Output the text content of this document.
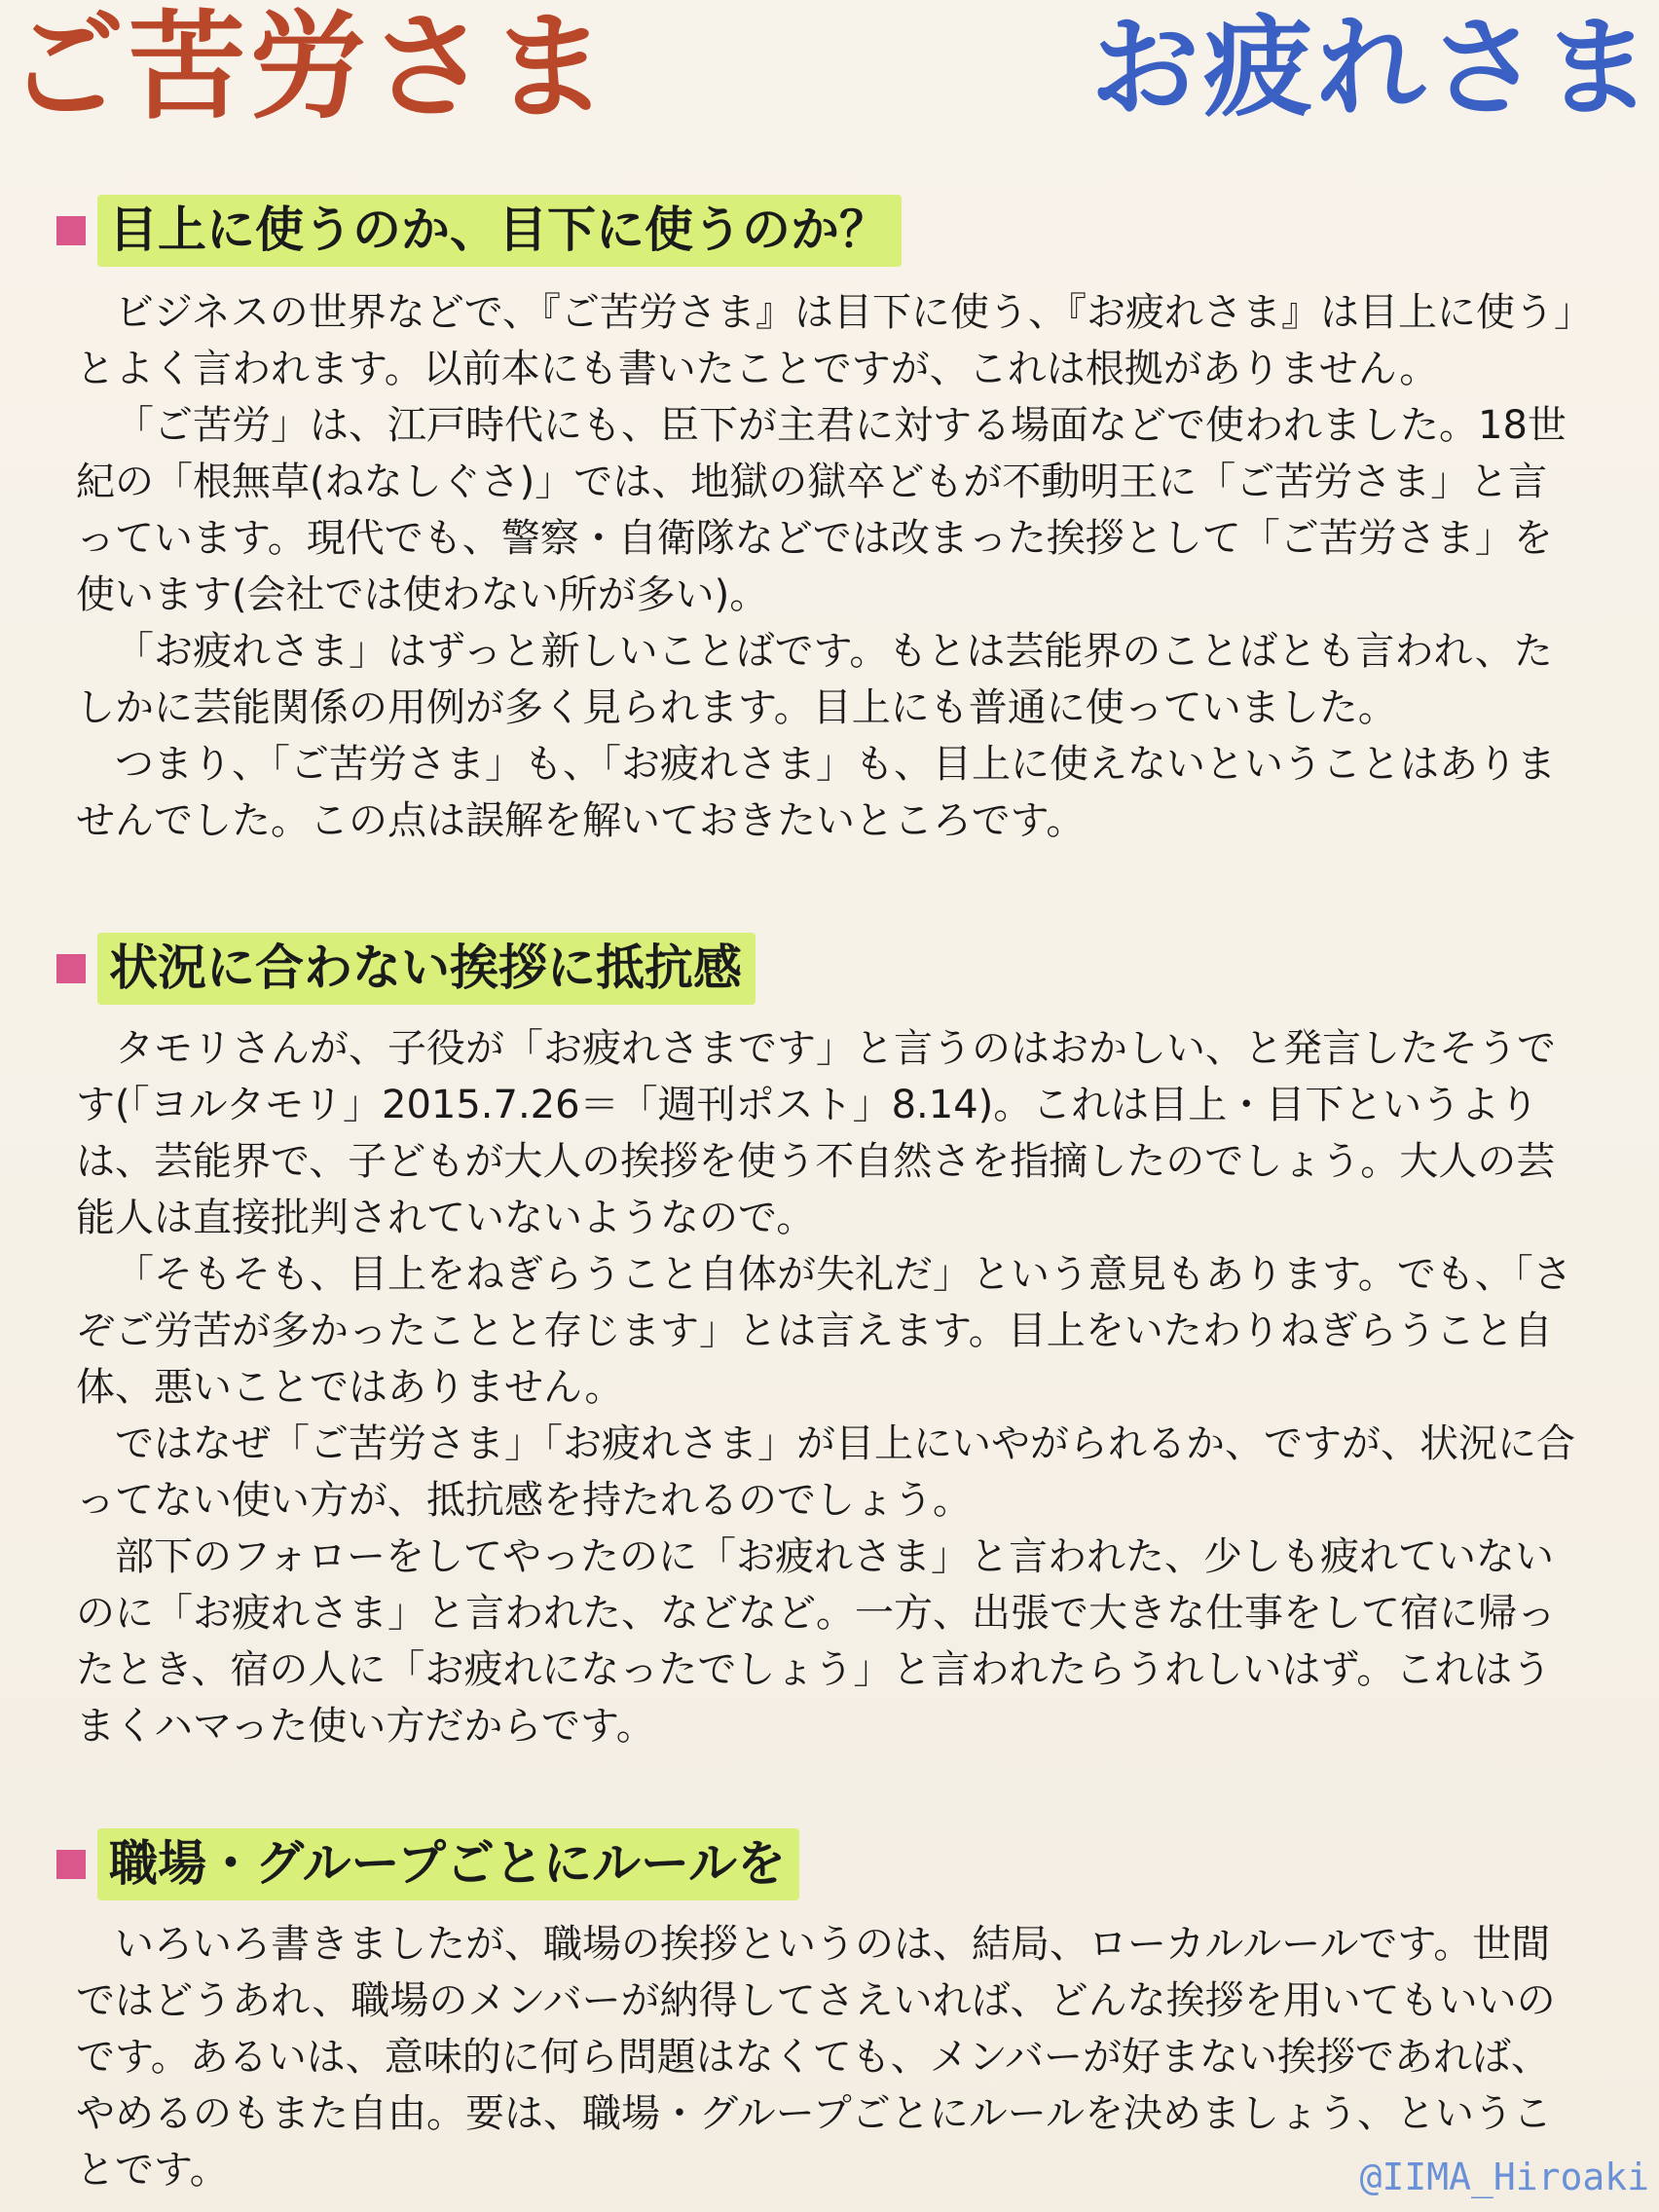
ご苦労さま	お疲れさま
目上に使うのか、目下に使うのか？

ビジネスの世界などで、『ご苦労さま』は目下に使う、『お疲れさま』は目上に使う」とよく言われます。以前本にも書いたことですが、これは根拠がありません。

「ご苦労」は、江戸時代にも、臣下が主君に対する場面などで使われました。18世紀の「根無草(ねなしぐさ)」では、地獄の獄卒どもが不動明王に「ご苦労さま」と言っています。現代でも、警察・自衛隊などでは改まった挨拶として「ご苦労さま」を使います(会社では使わない所が多い)。

「お疲れさま」はずっと新しいことばです。もとは芸能界のことばとも言われ、たしかに芸能関係の用例が多く見られます。目上にも普通に使っていました。

つまり、「ご苦労さま」も、「お疲れさま」も、目上に使えないということはありませんでした。この点は誤解を解いておきたいところです。

状況に合わない挨拶に抵抗感

タモリさんが、子役が「お疲れさまです」と言うのはおかしい、と発言したそうです(「ヨルタモリ」2015.7.26＝「週刊ポスト」8.14)。これは目上・目下というよりは、芸能界で、子どもが大人の挨拶を使う不自然さを指摘したのでしょう。大人の芸能人は直接批判されていないようなので。

「そもそも、目上をねぎらうこと自体が失礼だ」という意見もあります。でも、「さぞご労苦が多かったことと存じます」とは言えます。目上をいたわりねぎらうこと自体、悪いことではありません。

ではなぜ「ご苦労さま」「お疲れさま」が目上にいやがられるか、ですが、状況に合ってない使い方が、抵抗感を持たれるのでしょう。

部下のフォローをしてやったのに「お疲れさま」と言われた、少しも疲れていないのに「お疲れさま」と言われた、などなど。一方、出張で大きな仕事をして宿に帰ったとき、宿の人に「お疲れになったでしょう」と言われたらうれしいはず。これはうまくハマった使い方だからです。

職場・グループごとにルールを

いろいろ書きましたが、職場の挨拶というのは、結局、ローカルルールです。世間ではどうあれ、職場のメンバーが納得してさえいれば、どんな挨拶を用いてもいいのです。あるいは、意味的に何ら問題はなくても、メンバーが好まない挨拶であれば、やめるのもまた自由。要は、職場・グループごとにルールを決めましょう、ということです。	@IIMA_Hiroaki
